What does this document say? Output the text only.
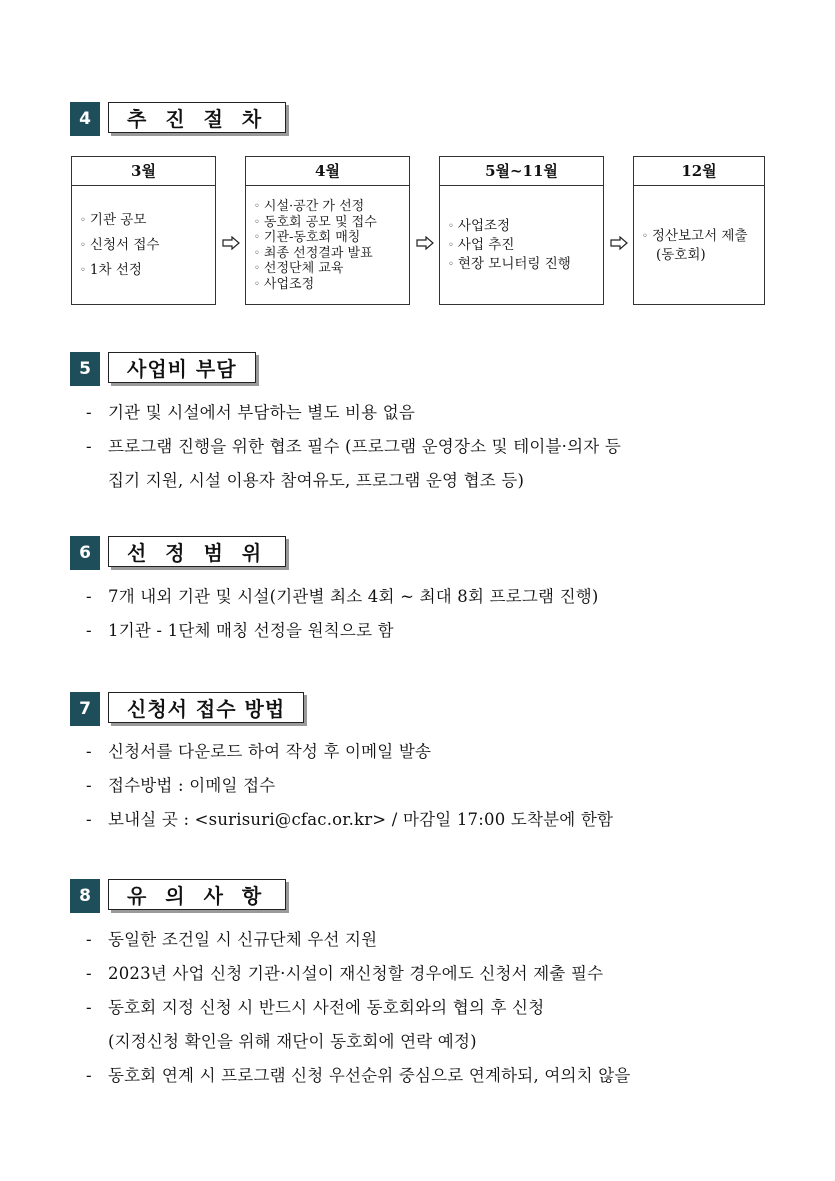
4	추 진 절 차
3월
◦ 기관 공모
◦ 신청서 접수
◦ 1차 선정
4월
◦ 시설·공간 가 선정
◦ 동호회 공모 및 접수
◦ 기관-동호회 매칭
◦ 최종 선정결과 발표
◦ 선정단체 교육
◦ 사업조정
5월~11월
◦ 사업조정
◦ 사업 추진
◦ 현장 모니터링 진행
12월
◦ 정산보고서 제출
(동호회)
5	사업비 부담
- 기관 및 시설에서 부담하는 별도 비용 없음
- 프로그램 진행을 위한 협조 필수 (프로그램 운영장소 및 테이블·의자 등
집기 지원, 시설 이용자 참여유도, 프로그램 운영 협조 등)
6	선 정 범 위
- 7개 내외 기관 및 시설(기관별 최소 4회 ~ 최대 8회 프로그램 진행)
- 1기관 - 1단체 매칭 선정을 원칙으로 함
7	신청서 접수 방법
- 신청서를 다운로드 하여 작성 후 이메일 발송
- 접수방법 : 이메일 접수
- 보내실 곳 : <surisuri@cfac.or.kr> / 마감일 17:00 도착분에 한함
8	유 의 사 항
- 동일한 조건일 시 신규단체 우선 지원
- 2023년 사업 신청 기관·시설이 재신청할 경우에도 신청서 제출 필수
- 동호회 지정 신청 시 반드시 사전에 동호회와의 협의 후 신청
(지정신청 확인을 위해 재단이 동호회에 연락 예정)
- 동호회 연계 시 프로그램 신청 우선순위 중심으로 연계하되, 여의치 않을
